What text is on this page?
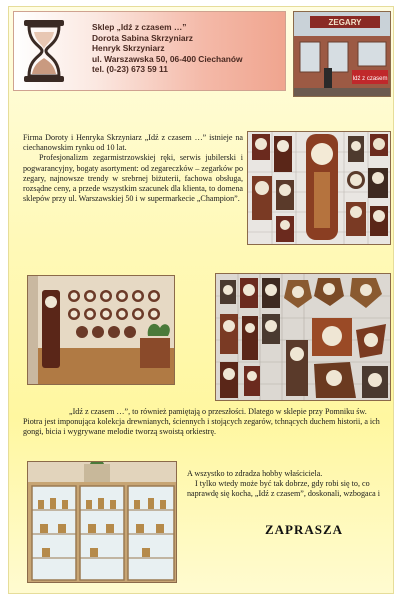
Sklep „Idź z czasem …”
Dorota Sabina Skrzyniarz
Henryk Skrzyniarz
ul. Warszawska 50, 06-400 Ciechanów
tel. (0-23) 673 59 11
ZEGARY
Idź z czasem

Firma Doroty i Henryka Skrzyniarz „Idź z czasem …” istnieje na ciechanowskim rynku od 10 lat.

Profesjonalizm zegarmistrzowskiej ręki, serwis jubilerski i pogwarancyjny, bogaty asortyment: od zegareczków – zegarków po zegary, najnowsze trendy w srebrnej biżuterii, fachowa obsługa, rozsądne ceny, a przede wszystkim szacunek dla klienta, to domena sklepów przy ul. Warszawskiej 50 i w supermarkecie „Champion”.

„Idź z czasem …”, to również pamiętają o przeszłości. Dlatego w sklepie przy Pomniku św. Piotra jest imponująca kolekcja drewnianych, ściennych i stojących zegarów, tchnących duchem historii, a ich gongi, bicia i wygrywane melodie tworzą swoistą orkiestrę.

A wszystko to zdradza hobby właściciela.

I tylko wtedy może być tak dobrze, gdy robi się to, co naprawdę się kocha, „Idź z czasem”, doskonali, wzbogaca i

ZAPRASZA
